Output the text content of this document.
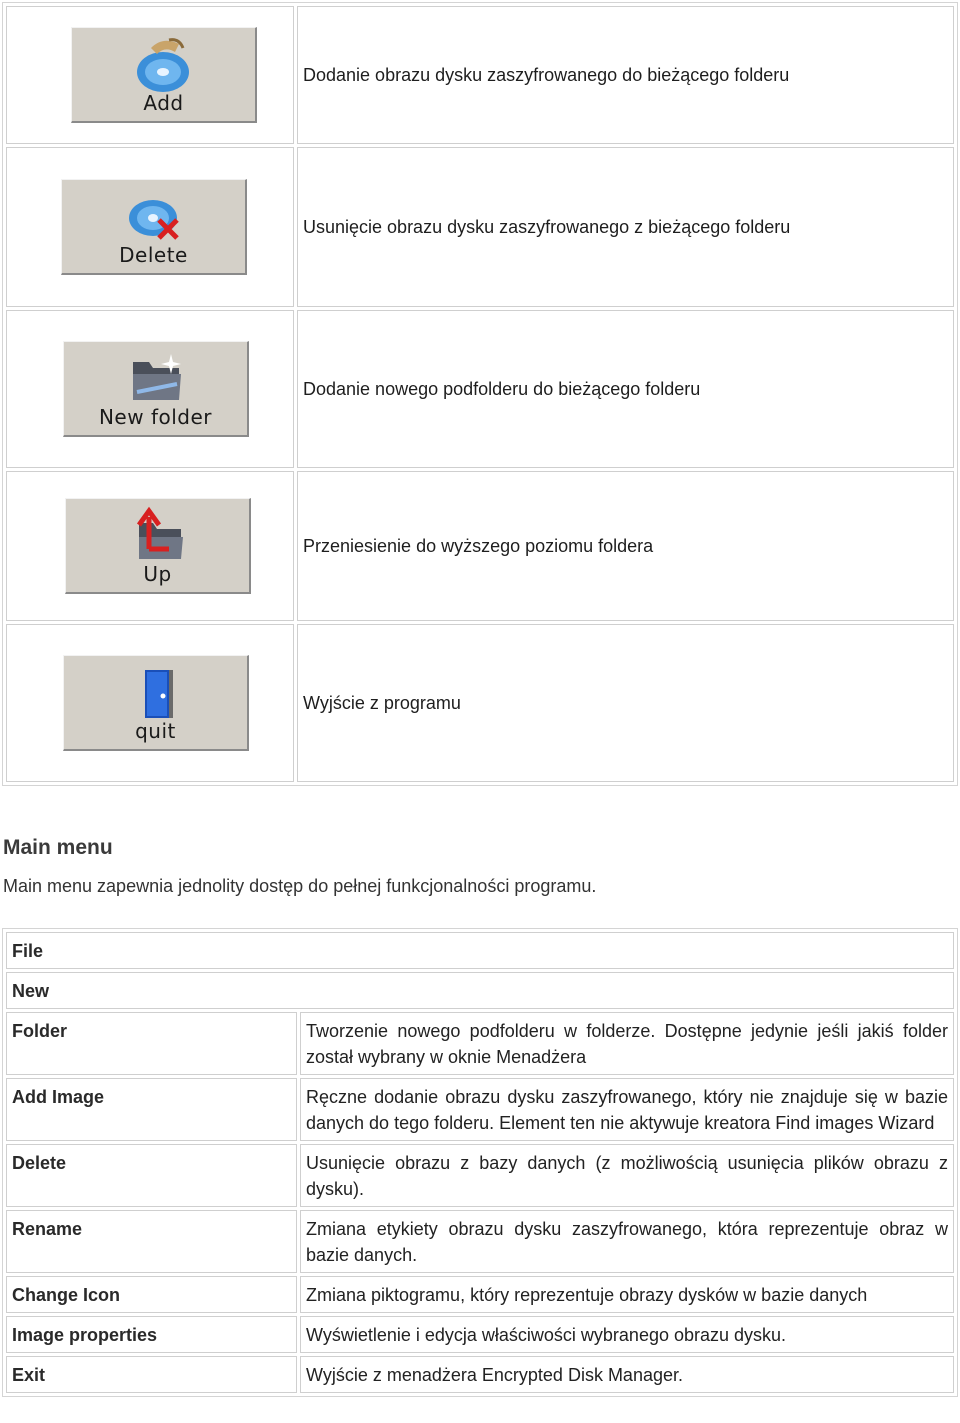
Add	Dodanie obrazu dysku zaszyfrowanego do bieżącego folderu

Delete	Usunięcie obrazu dysku zaszyfrowanego z bieżącego folderu

New folder	Dodanie nowego podfolderu do bieżącego folderu

Up	Przeniesienie do wyższego poziomu foldera

quit	Wyjście z programu
Main menu

Main menu zapewnia jednolity dostęp do pełnej funkcjonalności programu.

File	
New	
Folder	Tworzenie nowego podfolderu w folderze. Dostępne jedynie jeśli jakiś folder został wybrany w oknie Menadżera
Add Image	Ręczne dodanie obrazu dysku zaszyfrowanego, który nie znajduje się w bazie danych do tego folderu. Element ten nie aktywuje kreatora Find images Wizard
Delete	Usunięcie obrazu z bazy danych (z możliwością usunięcia plików obrazu z dysku).
Rename	Zmiana etykiety obrazu dysku zaszyfrowanego, która reprezentuje obraz w bazie danych.
Change Icon	Zmiana piktogramu, który reprezentuje obrazy dysków w bazie danych
Image properties	Wyświetlenie i edycja właściwości wybranego obrazu dysku.
Exit	Wyjście z menadżera Encrypted Disk Manager.
